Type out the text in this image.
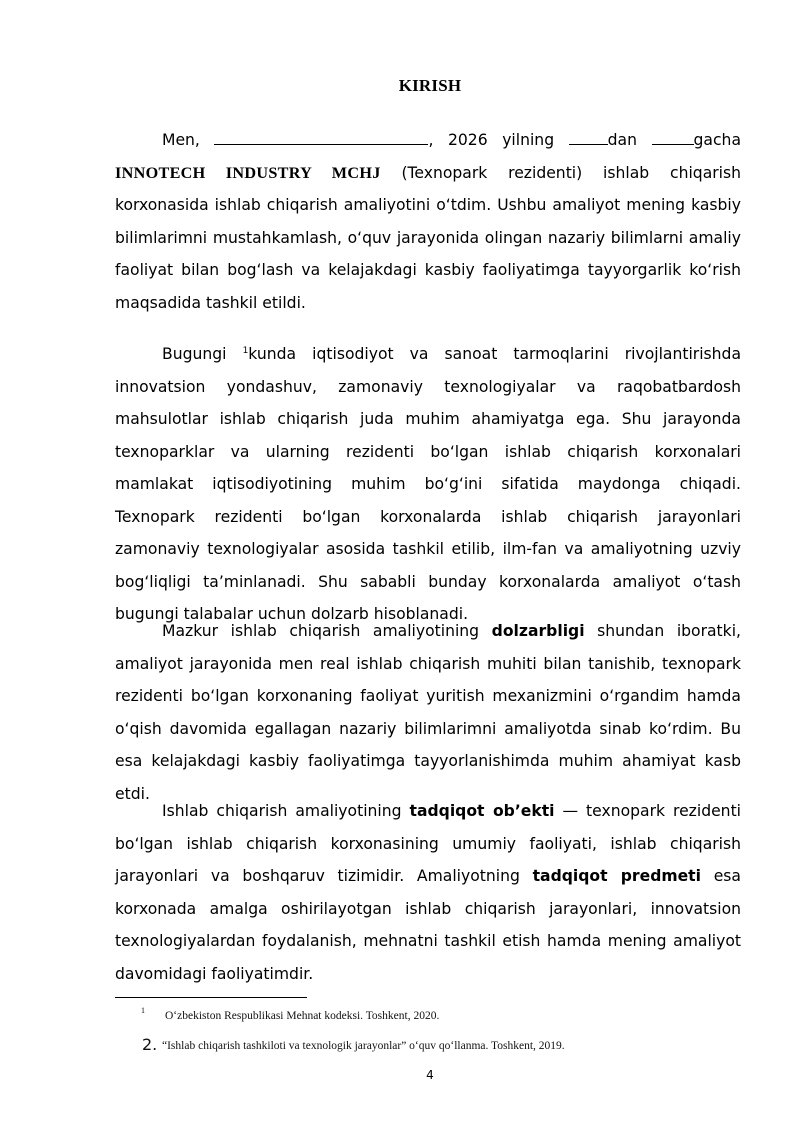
KIRISH

Men,	, 2026 yilning	dan	gacha INNOTECH INDUSTRY MCHJ (Texnopark rezidenti) ishlab chiqarish korxonasida ishlab chiqarish amaliyotini o‘tdim. Ushbu amaliyot mening kasbiy bilimlarimni mustahkamlash, o‘quv jarayonida olingan nazariy bilimlarni amaliy faoliyat bilan bog‘lash va kelajakdagi kasbiy faoliyatimga tayyorgarlik ko‘rish maqsadida tashkil etildi.

Bugungi $^1$kunda iqtisodiyot va sanoat tarmoqlarini rivojlantirishda innovatsion yondashuv, zamonaviy texnologiyalar va raqobatbardosh mahsulotlar ishlab chiqarish juda muhim ahamiyatga ega. Shu jarayonda texnoparklar va ularning rezidenti bo‘lgan ishlab chiqarish korxonalari mamlakat iqtisodiyotining muhim bo‘g‘ini sifatida maydonga chiqadi. Texnopark rezidenti bo‘lgan korxonalarda ishlab chiqarish jarayonlari zamonaviy texnologiyalar asosida tashkil etilib, ilm-fan va amaliyotning uzviy bog‘liqligi ta’minlanadi. Shu sababli bunday korxonalarda amaliyot o‘tash bugungi talabalar uchun dolzarb hisoblanadi.

Mazkur ishlab chiqarish amaliyotining dolzarbligi shundan iboratki, amaliyot jarayonida men real ishlab chiqarish muhiti bilan tanishib, texnopark rezidenti bo‘lgan korxonaning faoliyat yuritish mexanizmini o‘rgandim hamda o‘qish davomida egallagan nazariy bilimlarimni amaliyotda sinab ko‘rdim. Bu esa kelajakdagi kasbiy faoliyatimga tayyorlanishimda muhim ahamiyat kasb etdi.

Ishlab chiqarish amaliyotining tadqiqot ob’ekti — texnopark rezidenti bo‘lgan ishlab chiqarish korxonasining umumiy faoliyati, ishlab chiqarish jarayonlari va boshqaruv tizimidir. Amaliyotning tadqiqot predmeti esa korxonada amalga oshirilayotgan ishlab chiqarish jarayonlari, innovatsion texnologiyalardan foydalanish, mehnatni tashkil etish hamda mening amaliyot davomidagi faoliyatimdir.

1 O‘zbekiston Respublikasi Mehnat kodeksi. Toshkent, 2020.
2. “Ishlab chiqarish tashkiloti va texnologik jarayonlar” o‘quv qo‘llanma. Toshkent, 2019.
4
